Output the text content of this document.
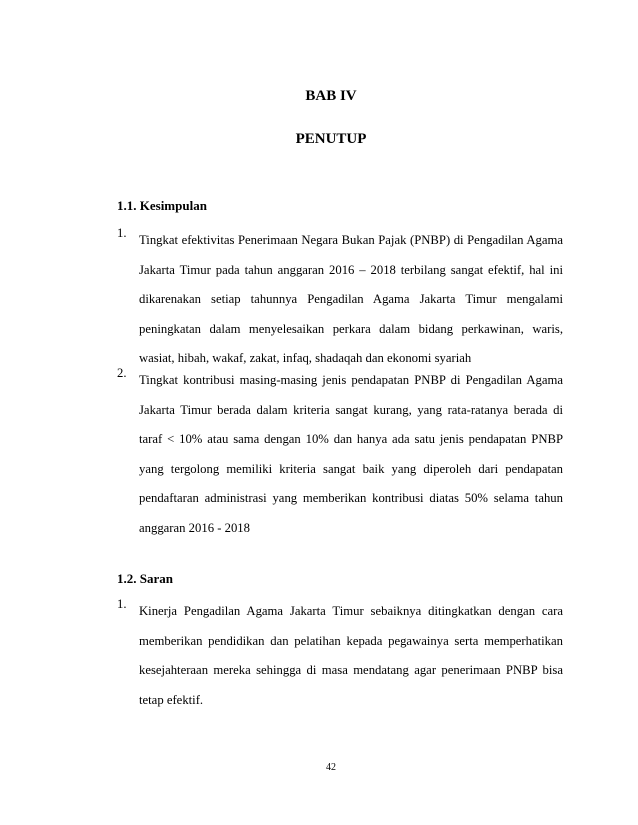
BAB IV
PENUTUP
1.1. Kesimpulan
1. Tingkat efektivitas Penerimaan Negara Bukan Pajak (PNBP) di Pengadilan Agama Jakarta Timur pada tahun anggaran 2016 – 2018 terbilang sangat efektif, hal ini dikarenakan setiap tahunnya Pengadilan Agama Jakarta Timur mengalami peningkatan dalam menyelesaikan perkara dalam bidang perkawinan, waris, wasiat, hibah, wakaf, zakat, infaq, shadaqah dan ekonomi syariah
2. Tingkat kontribusi masing-masing jenis pendapatan PNBP di Pengadilan Agama Jakarta Timur berada dalam kriteria sangat kurang, yang rata-ratanya berada di taraf < 10% atau sama dengan 10% dan hanya ada satu jenis pendapatan PNBP yang tergolong memiliki kriteria sangat baik yang diperoleh dari pendapatan pendaftaran administrasi yang memberikan kontribusi diatas 50% selama tahun anggaran 2016 - 2018
1.2. Saran
1. Kinerja Pengadilan Agama Jakarta Timur sebaiknya ditingkatkan dengan cara memberikan pendidikan dan pelatihan kepada pegawainya serta memperhatikan kesejahteraan mereka sehingga di masa mendatang agar penerimaan PNBP bisa tetap efektif.
42
